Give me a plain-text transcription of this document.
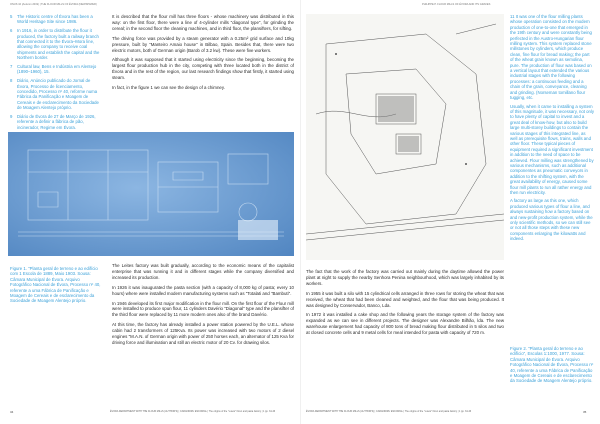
ONUS 10 (Autumn 2019) | THE FLOUR MILLS OF ÉVORA (NEWSPAPER)	PHILIPPE P. FLOUR MILLS OF ÉVORA AND ITS GRAVES
5	The Historic centre of Évora has been a World Heritage Site since 1986.
6	In 1916, in order to distribute the flour it produced, the factory built a railway branch that connected it to the Évora–Mora line, allowing the company to receive coal shipments and establish the capital and the Northern border.
7	Cultural law, Bens e Indústria em Alentejo (1890–1960), 15.
8	Diário, Anúncio publicado do Jornal de Évora, Processo de licenciamento, concedido, Processo nº 40, reforme numa Fábrica da Panificação e Moagem de Cereais e de esclarecimento da Sociedade de Moagem Alentejo próprio.
9	Diário de Évora de 27 de Março de 1926, referente a definir a fábrica de pão, incinerador, Regime em Évora.

It is described that the flour mill has three floors - whose machinery was distributed in this way: on the first floor, there were a line of 4-cylinder mills "diagonal type", for grinding the cereal; in the second floor the cleaning machines, and in third floor, the plansifters, for sifting.

The driving force was provided by a steam generator with a 0.25m² grid surface and 10kg pressure, built by "Manteiro Amaio house" in Bilbao, Spain. Besides that, there were two electric motors, both of German origin (Barob of 3.2 kw). These were five workers.

Although it was supposed that it started using electricity since the beginning, becoming the largest flour production hub in the city, competing with three located both in the district of Évora and in the rest of the region, our last research findings show that firstly, it started using steam.

In fact, in the figure 1 we can see the design of a chimney.

Figure 1. "Planta geral de terreno e ao edifício com 1 Escola de 1889, Maio 1903. Sousa: Câmara Municipal de Évora. Arquivo Fotográfico Nacional de Évora, Processo nº 40, referente a uma Fábrica de Panificação e Moagem de Cereais e de esclarecimento da Sociedade de Moagem Alentejo próprio.

The Leites factory was built gradually, according to the economic means of the capitalist enterprise that was running it and in different stages while the company diversified and increased its production.

In 1926 it was inaugurated the pasta section (with a capacity of 8,000 kg of pasta; every 10 hours) where were installed modern manufacturing systems such as "Totalati and "Bambuti".

In 1946 developed its first major modification in the flour mill. On the first floor of the Flour mill were installed to produce spun flour, 11 cylinders Davério "Diagonal" type and the plansifter of the third floor were replaced by 11 more modern ones also of the brand Davério.

At this time, the factory has already installed a power station powered by the U.E.L. whose cabin had 2 transformers of 125Kva. Its power was increased with two motors of 2 diesel engines "M.A.N. of German origin with power of 250 horses each, an alternator of 125 Kva for driving force and illumination and still an electric motor of 20 Cv. for drawing silos.

11 It was one of the flour milling plants whose operation consisted on the modern production of one-to-one that emerged in the 19th century and were constantly being perfected in the Austro-Hungarian flour milling system. This system replaced stone millstones by cylinders, which produce clean, fine flour for bread making; the part of the wheat grain known as semolina, pure. The production of flour was based on a vertical layout that extended the various industrial stages with the following processes: a continuous feeding and a chain of the grain, conveyance, cleaning and grinding. (Norseman tomillano flour tugging, etc.

Usually, when it came to installing a system of this magnitude, it was necessary, not only to have plenty of capital to invest and a great deal of know-how, but also to build large multi-storey buildings to contain the various stages of this integrated line, as well as prerequisite flows, trains, walls and other floor. These typical pieces of equipment required a significant investment in addition to the need of space to be achieved. Flour milling was strengthened by various mechanisms, such as additional componentes as pneumatic conveyors in addition to the shifting system, with the great availability of energy, caused some flour mill plants to run all rather energy and then run electricity.

A factory as large as this one, which produced various types of flour a line, and always sustaining how a factory based on and new-profit production system, while the only scientific methods, so we can still see or not all those steps with these new components enlarging the kilowatts and indeed.

Figure 2. "Planta geral do terreno e ao edifício", Escolas 1:1000, 1977. Sousa: Câmara Municipal de Évora. Arquivo Fotográfico Nacional de Évora, Processo nº 40, referente a uma Fábrica de Panificação e Moagem de Cereais e de esclarecimento da Sociedade de Moagem Alentejo próprio.

The fact that the work of the factory was carried out mainly during the daytime allowed the power plant at night to supply the nearby Senhora Penina neighbourhood, which was largely inhabited by its workers.

In 1955 it was built a silo with 15 cylindrical cells arranged in three rows for storing the wheat that was received, the wheat that had been cleaned and weighted, and the flour that was being produced. It was designed by Conservador, Banco, Lda.

In 1972 it was installed a cake shop and the following years the storage system of the factory was expanded as we can see in different projects. The designer was Alexandre Bilhão, lda. The new warehouse enlargement had capacity of 800 tons of bread making flour distributed in 5 silos and two at closed concrete cells and 9 metal cells for meal intended for pasta with capacity of 720 m.

34	ÉVORA DEPARTMENT WITH THE FLOUR MILLS (AUTHOR'S) | CARANDIRU ESCORIAL | The origins of the "Lusos" Flour and pasta factory | 1 pp. 34-46	ÉVORA DEPARTMENT WITH THE FLOUR MILLS (AUTHOR'S) | CARANDIRU ESCORIAL | The origins of the "Lusos" Flour and pasta factory | 1 pp. 34-46	35
